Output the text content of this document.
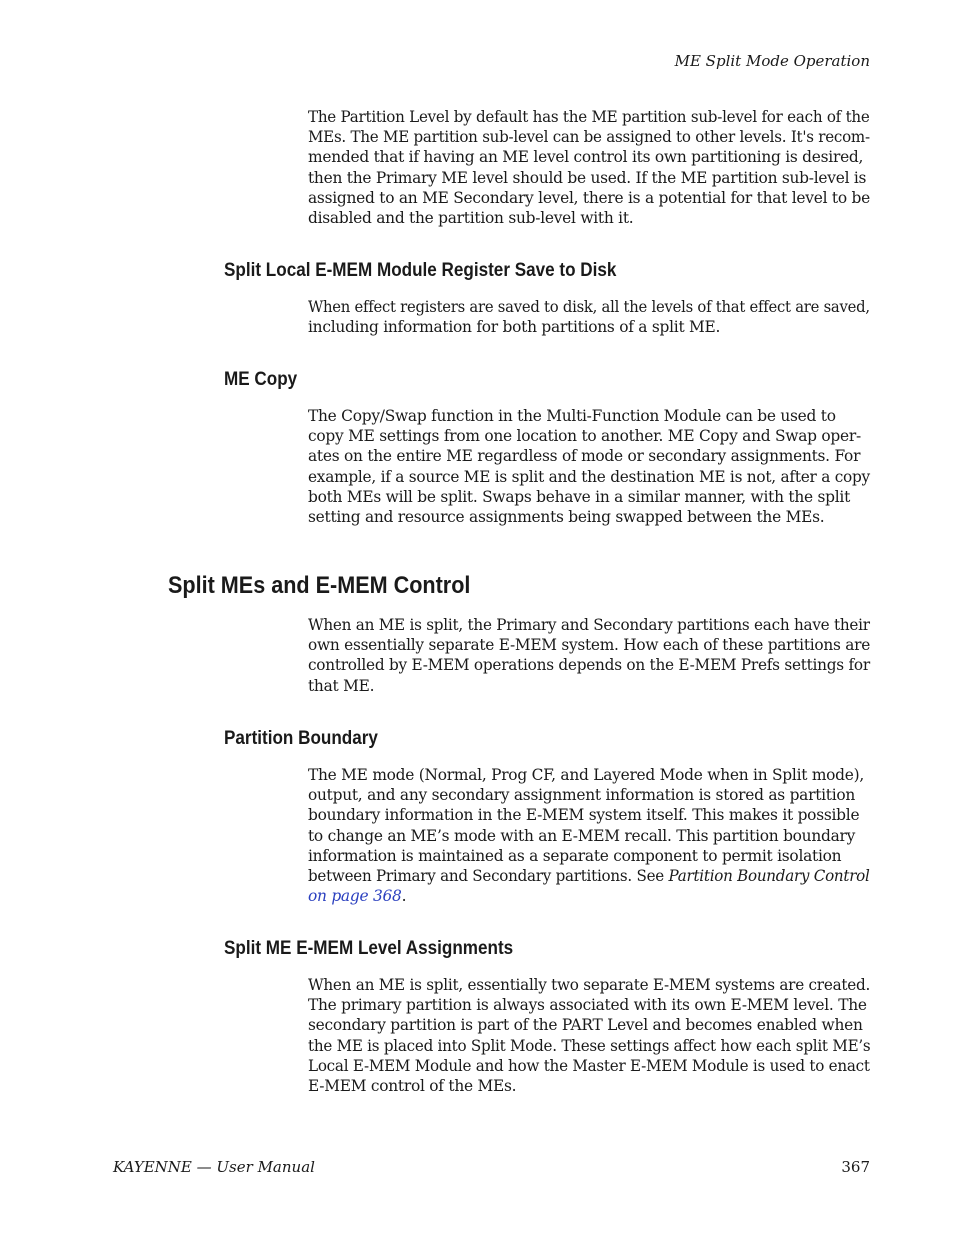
ME Split Mode Operation

The Partition Level by default has the ME partition sub-level for each of the
MEs. The ME partition sub-level can be assigned to other levels. It's recom-
mended that if having an ME level control its own partitioning is desired,
then the Primary ME level should be used. If the ME partition sub-level is
assigned to an ME Secondary level, there is a potential for that level to be
disabled and the partition sub-level with it.

Split Local E-MEM Module Register Save to Disk

When effect registers are saved to disk, all the levels of that effect are saved,
including information for both partitions of a split ME.

ME Copy

The Copy/Swap function in the Multi-Function Module can be used to
copy ME settings from one location to another. ME Copy and Swap oper-
ates on the entire ME regardless of mode or secondary assignments. For
example, if a source ME is split and the destination ME is not, after a copy
both MEs will be split. Swaps behave in a similar manner, with the split
setting and resource assignments being swapped between the MEs.

Split MEs and E-MEM Control

When an ME is split, the Primary and Secondary partitions each have their
own essentially separate E-MEM system. How each of these partitions are
controlled by E-MEM operations depends on the E-MEM Prefs settings for
that ME.

Partition Boundary

The ME mode (Normal, Prog CF, and Layered Mode when in Split mode),
output, and any secondary assignment information is stored as partition
boundary information in the E-MEM system itself. This makes it possible
to change an ME’s mode with an E-MEM recall. This partition boundary
information is maintained as a separate component to permit isolation
between Primary and Secondary partitions. See Partition Boundary Control
on page 368.

Split ME E-MEM Level Assignments

When an ME is split, essentially two separate E-MEM systems are created.
The primary partition is always associated with its own E-MEM level. The
secondary partition is part of the PART Level and becomes enabled when
the ME is placed into Split Mode. These settings affect how each split ME’s
Local E-MEM Module and how the Master E-MEM Module is used to enact
E-MEM control of the MEs.

KAYENNE — User Manual	367
